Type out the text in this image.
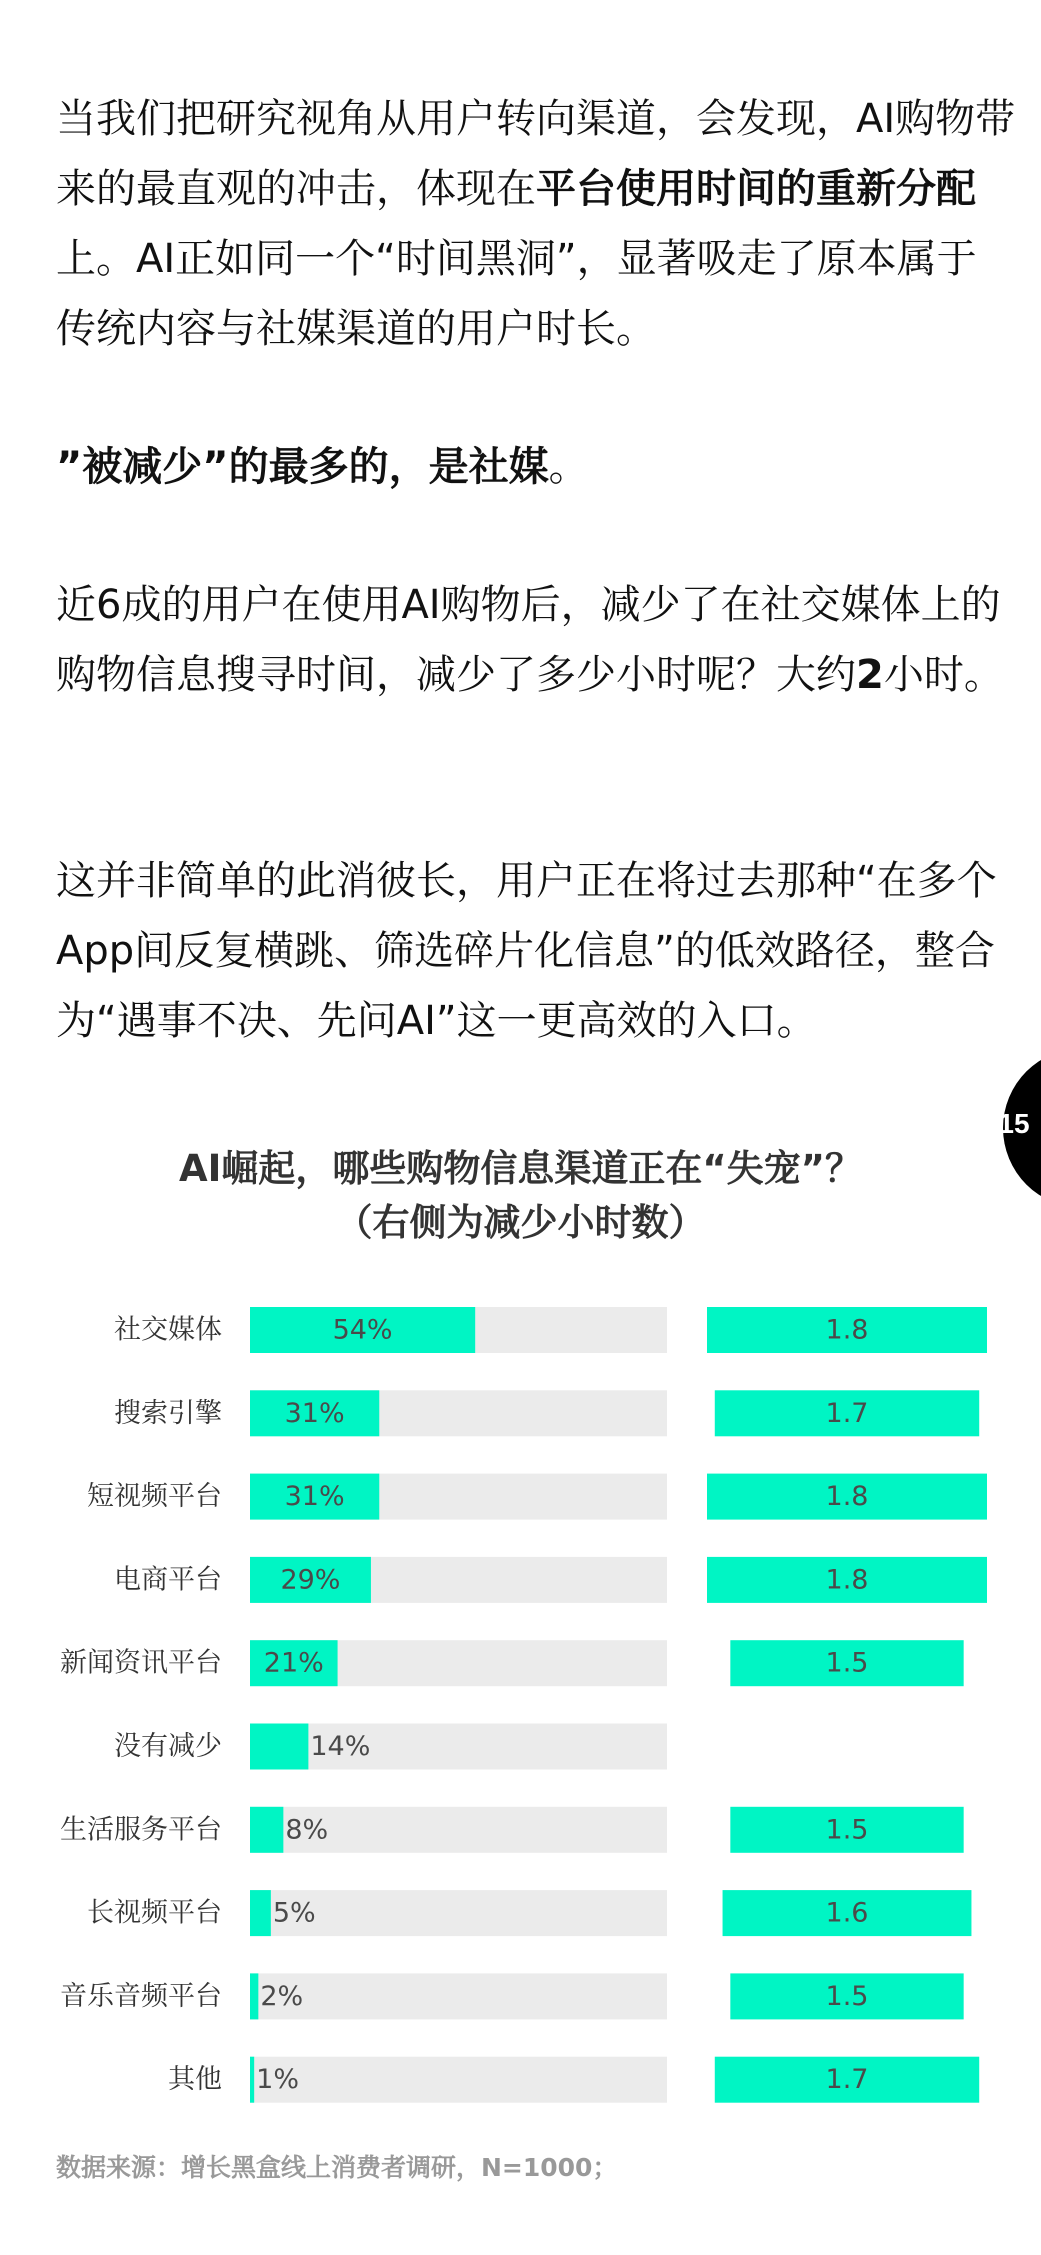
当我们把研究视角从用户转向渠道，会发现，AI购物带来的最直观的冲击，体现在平台使用时间的重新分配上。AI正如同一个“时间黑洞”，显著吸走了原本属于传统内容与社媒渠道的用户时长。
”被减少”的最多的，是社媒。
近6成的用户在使用AI购物后，减少了在社交媒体上的购物信息搜寻时间，减少了多少小时呢？大约2小时。
这并非简单的此消彼长，用户正在将过去那种“在多个App间反复横跳、筛选碎片化信息”的低效路径，整合为“遇事不决、先问AI”这一更高效的入口。
15
AI崛起，哪些购物信息渠道正在“失宠”？
（右侧为减少小时数）
社交媒体	54%	1.8
搜索引擎 31%	1.7
短视频平台 31%	1.8
电商平台 29%	1.8
新闻资讯平台 21%	1.5
没有减少	14%
生活服务平台 8%	1.5
长视频平台 5%	1.6
音乐音频平台 2%	1.5
其他 1%	1.7
数据来源：增长黑盒线上消费者调研，N=1000；
